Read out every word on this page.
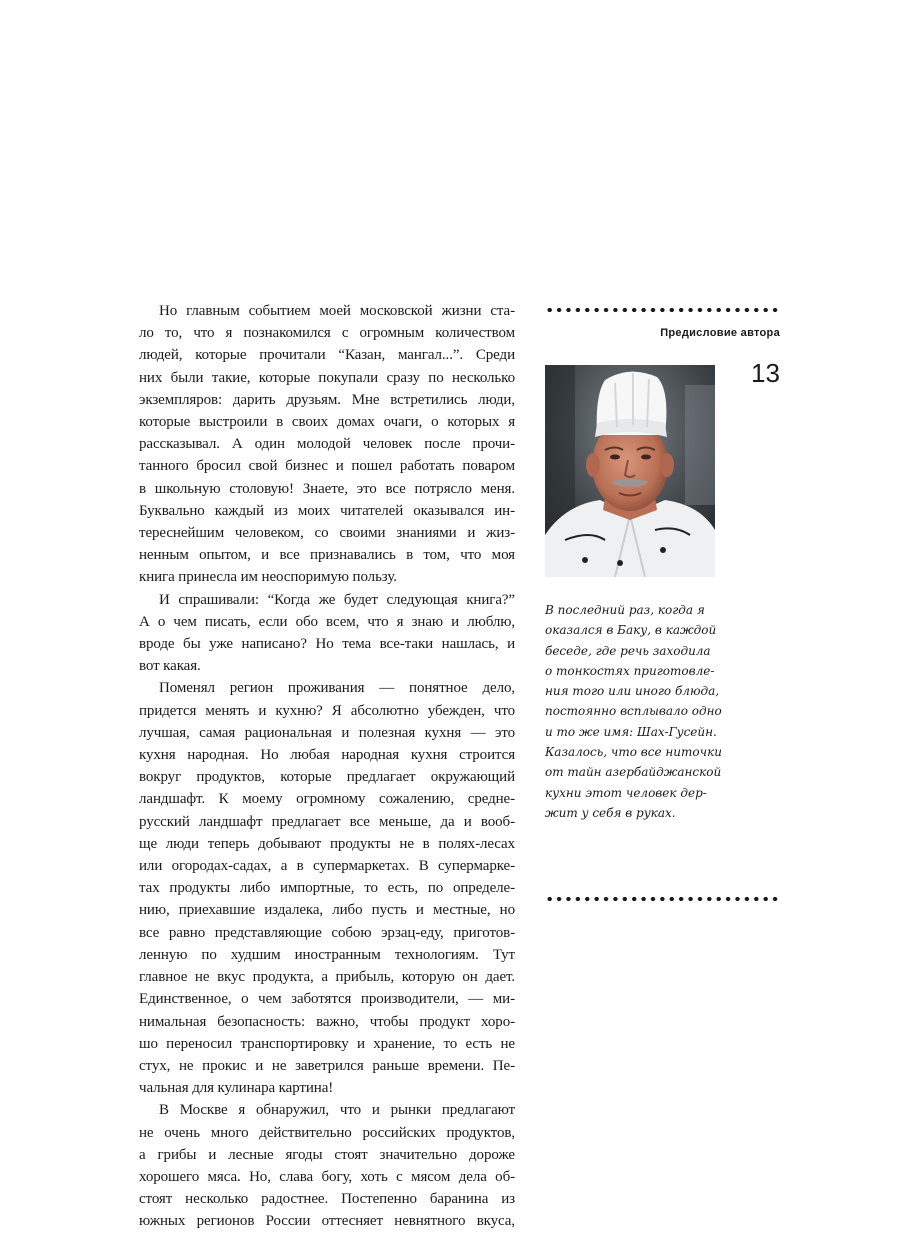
Предисловие автора
13

Но главным событием моей московской жизни ста-
ло то, что я познакомился с огромным количеством
людей, которые прочитали “Казан, мангал...”. Среди
них были такие, которые покупали сразу по несколько
экземпляров: дарить друзьям. Мне встретились люди,
которые выстроили в своих домах очаги, о которых я
рассказывал. А один молодой человек после прочи-
танного бросил свой бизнес и пошел работать поваром
в школьную столовую! Знаете, это все потрясло меня.
Буквально каждый из моих читателей оказывался ин-
тереснейшим человеком, со своими знаниями и жиз-
ненным опытом, и все признавались в том, что моя
книга принесла им неоспоримую пользу.

И спрашивали: “Когда же будет следующая книга?”
А о чем писать, если обо всем, что я знаю и люблю,
вроде бы уже написано? Но тема все-таки нашлась, и
вот какая.

Поменял регион проживания — понятное дело,
придется менять и кухню? Я абсолютно убежден, что
лучшая, самая рациональная и полезная кухня — это
кухня народная. Но любая народная кухня строится
вокруг продуктов, которые предлагает окружающий
ландшафт. К моему огромному сожалению, средне-
русский ландшафт предлагает все меньше, да и вооб-
ще люди теперь добывают продукты не в полях-лесах
или огородах-садах, а в супермаркетах. В супермарке-
тах продукты либо импортные, то есть, по определе-
нию, приехавшие издалека, либо пусть и местные, но
все равно представляющие собою эрзац-еду, приготов-
ленную по худшим иностранным технологиям. Тут
главное не вкус продукта, а прибыль, которую он дает.
Единственное, о чем заботятся производители, — ми-
нимальная безопасность: важно, чтобы продукт хоро-
шо переносил транспортировку и хранение, то есть не
стух, не прокис и не заветрился раньше времени. Пе-
чальная для кулинара картина!

В Москве я обнаружил, что и рынки предлагают
не очень много действительно российских продуктов,
а грибы и лесные ягоды стоят значительно дороже
хорошего мяса. Но, слава богу, хоть с мясом дела об-
стоят несколько радостнее. Постепенно баранина из
южных регионов России оттесняет невнятного вкуса,

В последний раз, когда я
оказался в Баку, в каждой
беседе, где речь заходила
о тонкостях приготовле-
ния того или иного блюда,
постоянно всплывало одно
и то же имя: Шах-Гусейн.
Казалось, что все ниточки
от тайн азербайджанской
кухни этот человек дер-
жит у себя в руках.
